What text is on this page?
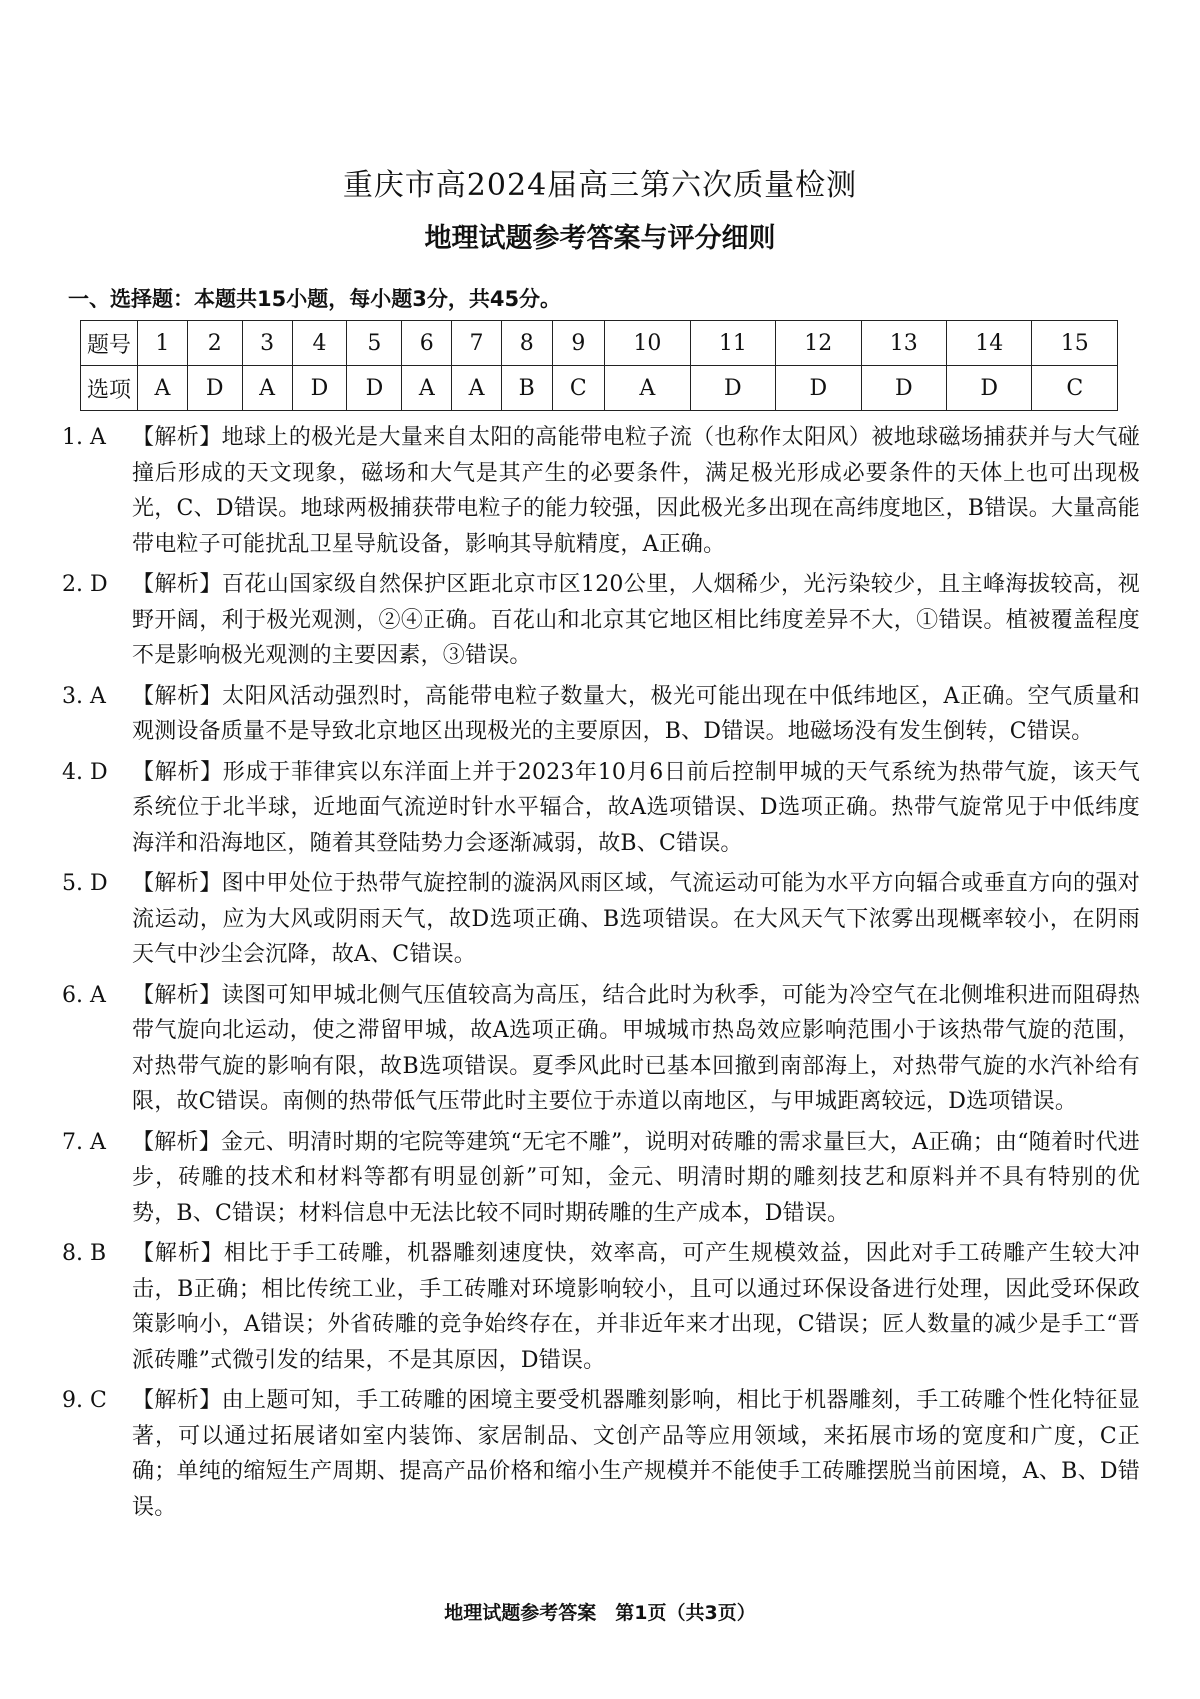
重庆市高2024届高三第六次质量检测
地理试题参考答案与评分细则
一、选择题：本题共15小题，每小题3分，共45分。
题号	1	2	3	4	5	6	7	8	9	10	11	12	13	14	15
选项	A	D	A	D	D	A	A	B	C	A	D	D	D	D	C
1. A	【解析】地球上的极光是大量来自太阳的高能带电粒子流（也称作太阳风）被地球磁场捕获并与大气碰撞后形成的天文现象，磁场和大气是其产生的必要条件，满足极光形成必要条件的天体上也可出现极光，C、D错误。地球两极捕获带电粒子的能力较强，因此极光多出现在高纬度地区，B错误。大量高能带电粒子可能扰乱卫星导航设备，影响其导航精度，A正确。
2. D	【解析】百花山国家级自然保护区距北京市区120公里，人烟稀少，光污染较少，且主峰海拔较高，视野开阔，利于极光观测，②④正确。百花山和北京其它地区相比纬度差异不大，①错误。植被覆盖程度不是影响极光观测的主要因素，③错误。
3. A	【解析】太阳风活动强烈时，高能带电粒子数量大，极光可能出现在中低纬地区，A正确。空气质量和观测设备质量不是导致北京地区出现极光的主要原因，B、D错误。地磁场没有发生倒转，C错误。
4. D	【解析】形成于菲律宾以东洋面上并于2023年10月6日前后控制甲城的天气系统为热带气旋，该天气系统位于北半球，近地面气流逆时针水平辐合，故A选项错误、D选项正确。热带气旋常见于中低纬度海洋和沿海地区，随着其登陆势力会逐渐减弱，故B、C错误。
5. D	【解析】图中甲处位于热带气旋控制的漩涡风雨区域，气流运动可能为水平方向辐合或垂直方向的强对流运动，应为大风或阴雨天气，故D选项正确、B选项错误。在大风天气下浓雾出现概率较小，在阴雨天气中沙尘会沉降，故A、C错误。
6. A	【解析】读图可知甲城北侧气压值较高为高压，结合此时为秋季，可能为冷空气在北侧堆积进而阻碍热带气旋向北运动，使之滞留甲城，故A选项正确。甲城城市热岛效应影响范围小于该热带气旋的范围，对热带气旋的影响有限，故B选项错误。夏季风此时已基本回撤到南部海上，对热带气旋的水汽补给有限，故C错误。南侧的热带低气压带此时主要位于赤道以南地区，与甲城距离较远，D选项错误。
7. A	【解析】金元、明清时期的宅院等建筑“无宅不雕”，说明对砖雕的需求量巨大，A正确；由“随着时代进步，砖雕的技术和材料等都有明显创新”可知，金元、明清时期的雕刻技艺和原料并不具有特别的优势，B、C错误；材料信息中无法比较不同时期砖雕的生产成本，D错误。
8. B	【解析】相比于手工砖雕，机器雕刻速度快，效率高，可产生规模效益，因此对手工砖雕产生较大冲击，B正确；相比传统工业，手工砖雕对环境影响较小，且可以通过环保设备进行处理，因此受环保政策影响小，A错误；外省砖雕的竞争始终存在，并非近年来才出现，C错误；匠人数量的减少是手工“晋派砖雕”式微引发的结果，不是其原因，D错误。
9. C	【解析】由上题可知，手工砖雕的困境主要受机器雕刻影响，相比于机器雕刻，手工砖雕个性化特征显著，可以通过拓展诸如室内装饰、家居制品、文创产品等应用领域，来拓展市场的宽度和广度，C正确；单纯的缩短生产周期、提高产品价格和缩小生产规模并不能使手工砖雕摆脱当前困境，A、B、D错误。
地理试题参考答案　第1页（共3页）
